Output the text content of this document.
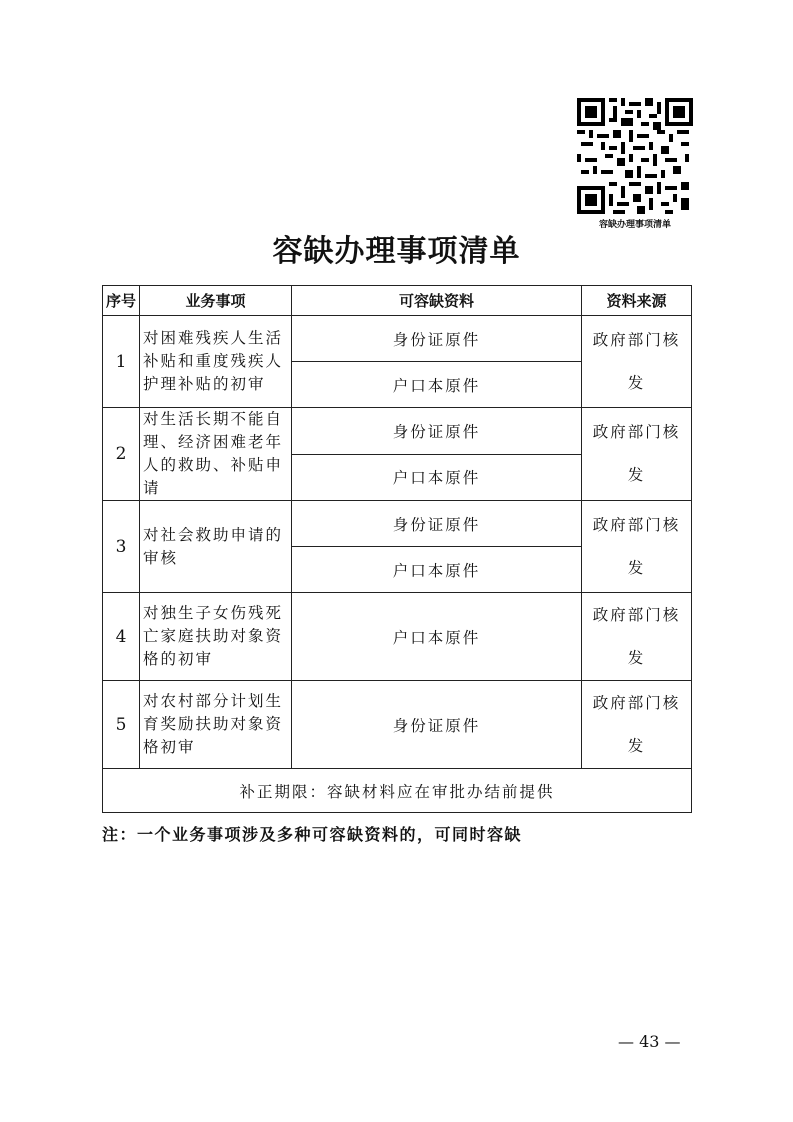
容缺办理事项清单
容缺办理事项清单
序号	业务事项	可容缺资料	资料来源
1	对困难残疾人生活补贴和重度残疾人护理补贴的初审	身份证原件	政府部门核
发

		户口本原件	
2	对生活长期不能自理、经济困难老年人的救助、补贴申请	身份证原件	政府部门核
发

		户口本原件	
3	对社会救助申请的审核	身份证原件	政府部门核
发

		户口本原件	
4	对独生子女伤残死亡家庭扶助对象资格的初审	户口本原件	政府部门核
发

5	对农村部分计划生育奖励扶助对象资格初审	身份证原件	政府部门核
发

补正期限：容缺材料应在审批办结前提供			
注：一个业务事项涉及多种可容缺资料的，可同时容缺
— 43 —
